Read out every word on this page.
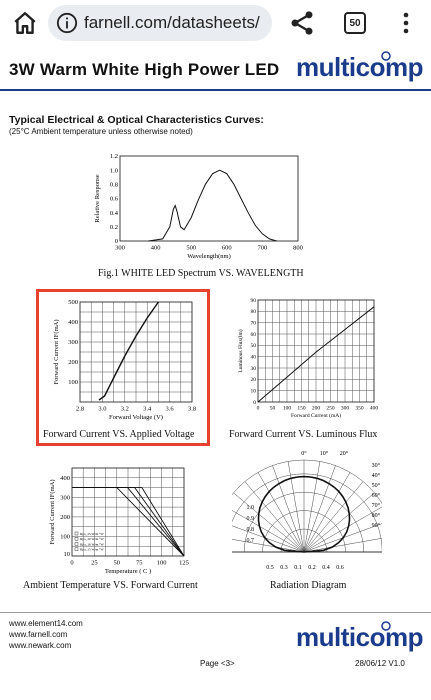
farnell.com/datasheets/	50
3W Warm White High Power LED multicomp
Typical Electrical & Optical Characteristics Curves:
(25°C Ambient temperature unless otherwise noted)
300	400	500	600	700	800
0
0.2
0.4
0.6
0.8
1.0
1.2
Wavelength(nm)
Relative Response
Fig.1 WHITE LED Spectrum VS. WAVELENGTH
2.8 3.0 3.2 3.4 3.6 3.8
100
200
300
400
500
Forward Voltage (V)
Forward Current IF(mA)
Forward Current VS. Applied Voltage
0 50 100 150 200 250 300 350 400
0
10
20
30
40
50
60
70
80
90
Forward Current (mA)
Luminous Flux(lm)
Forward Current VS. Luminous Flux
0	25 50 75 100 125
10
100
200
300
400
Temperature ( C )
Forward Current IF(mA)	Rj/a_25 W/m °W
Rj/a_20 W/m °W
Rj/a_16 W/m °W
Rj/a_15 W/m °W
Ambient Temperature VS. Forward Current
0° 10° 20°
30°
40°
50°
60°
70°
80°
90°
1.0
0.9
0.8
0.7
0.5 0.3 0.1 0.2 0.4 0.6
Radiation Diagram
www.element14.com
www.farnell.com
www.newark.com	multicomp
Page <3>	28/06/12 V1.0
